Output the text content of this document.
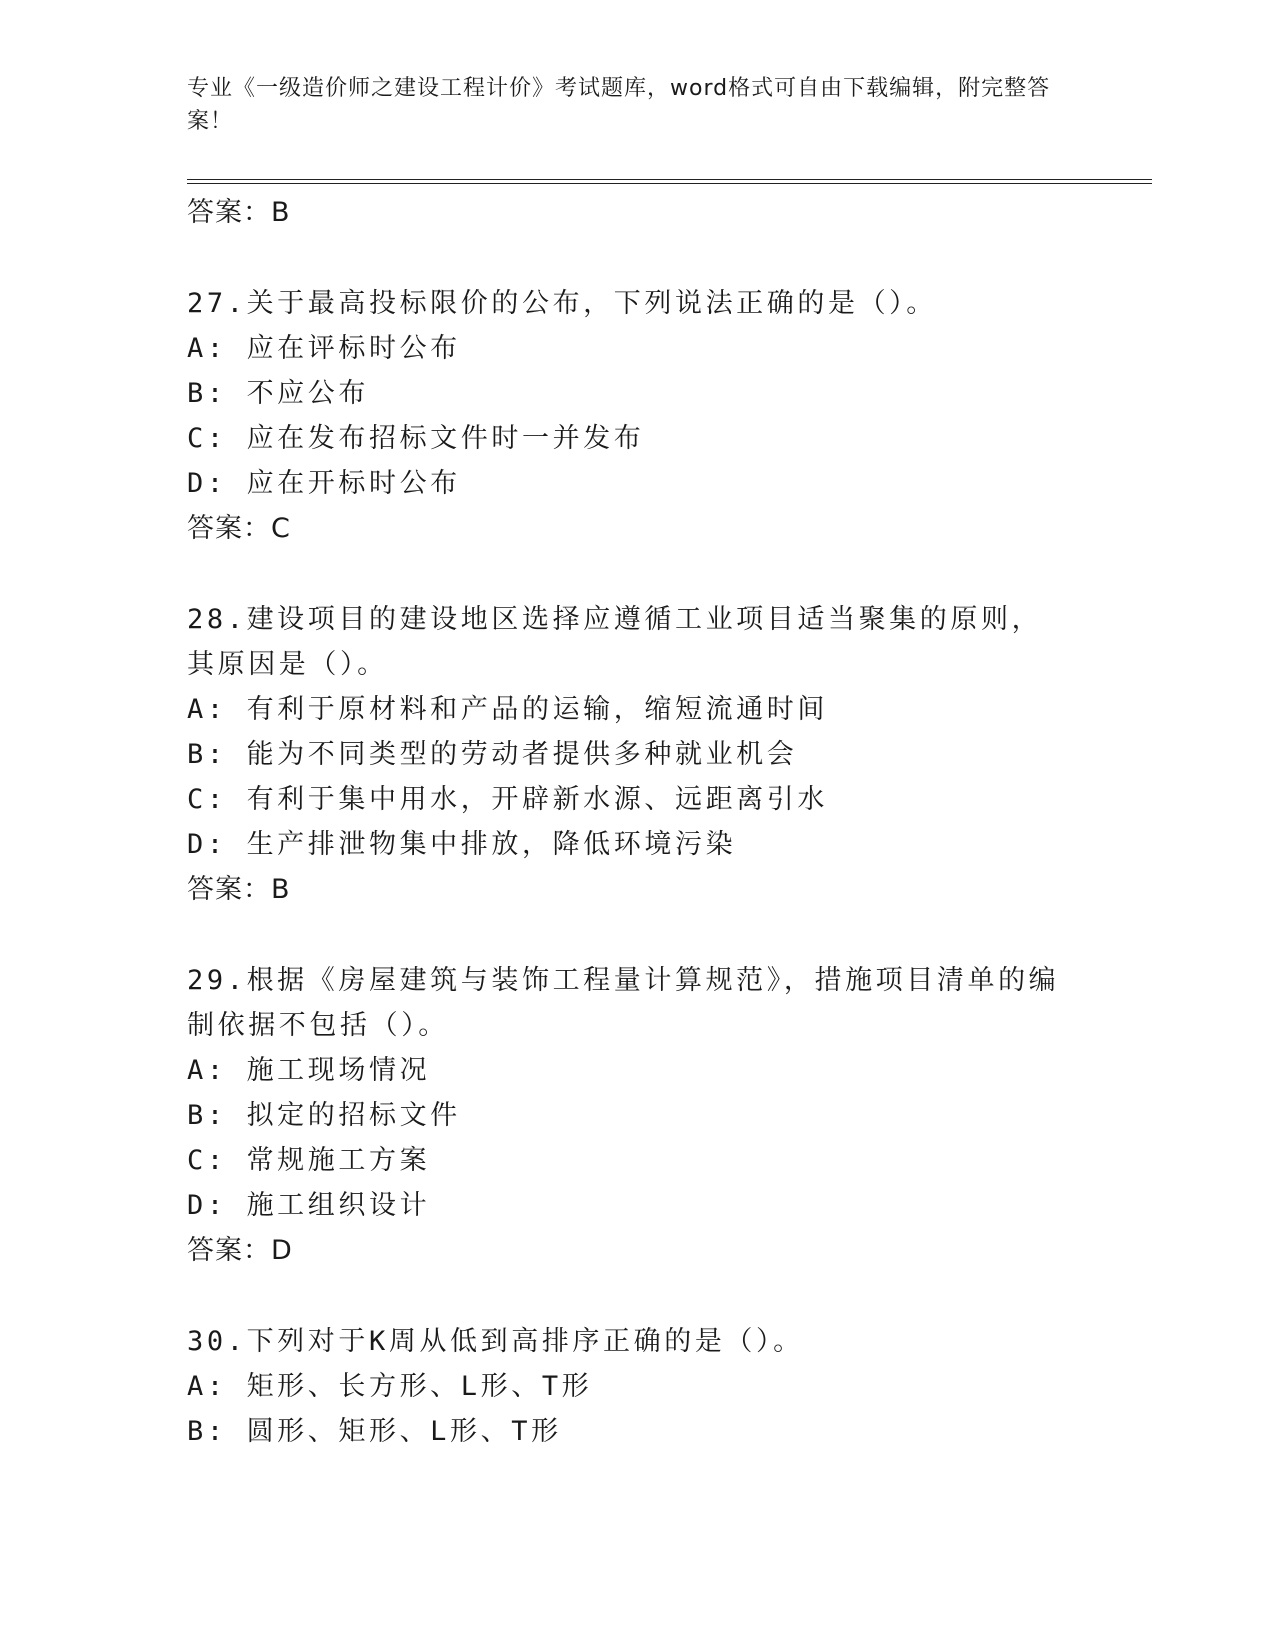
专业《一级造价师之建设工程计价》考试题库，word格式可自由下载编辑，附完整答案！

答案：B

27.关于最高投标限价的公布，下列说法正确的是（）。

A: 应在评标时公布

B: 不应公布

C: 应在发布招标文件时一并发布

D: 应在开标时公布

答案：C

28.建设项目的建设地区选择应遵循工业项目适当聚集的原则，其原因是（）。

A: 有利于原材料和产品的运输，缩短流通时间

B: 能为不同类型的劳动者提供多种就业机会

C: 有利于集中用水，开辟新水源、远距离引水

D: 生产排泄物集中排放，降低环境污染

答案：B

29.根据《房屋建筑与装饰工程量计算规范》，措施项目清单的编制依据不包括（）。

A: 施工现场情况

B: 拟定的招标文件

C: 常规施工方案

D: 施工组织设计

答案：D

30.下列对于K周从低到高排序正确的是（）。

A: 矩形、长方形、L形、T形

B: 圆形、矩形、L形、T形
